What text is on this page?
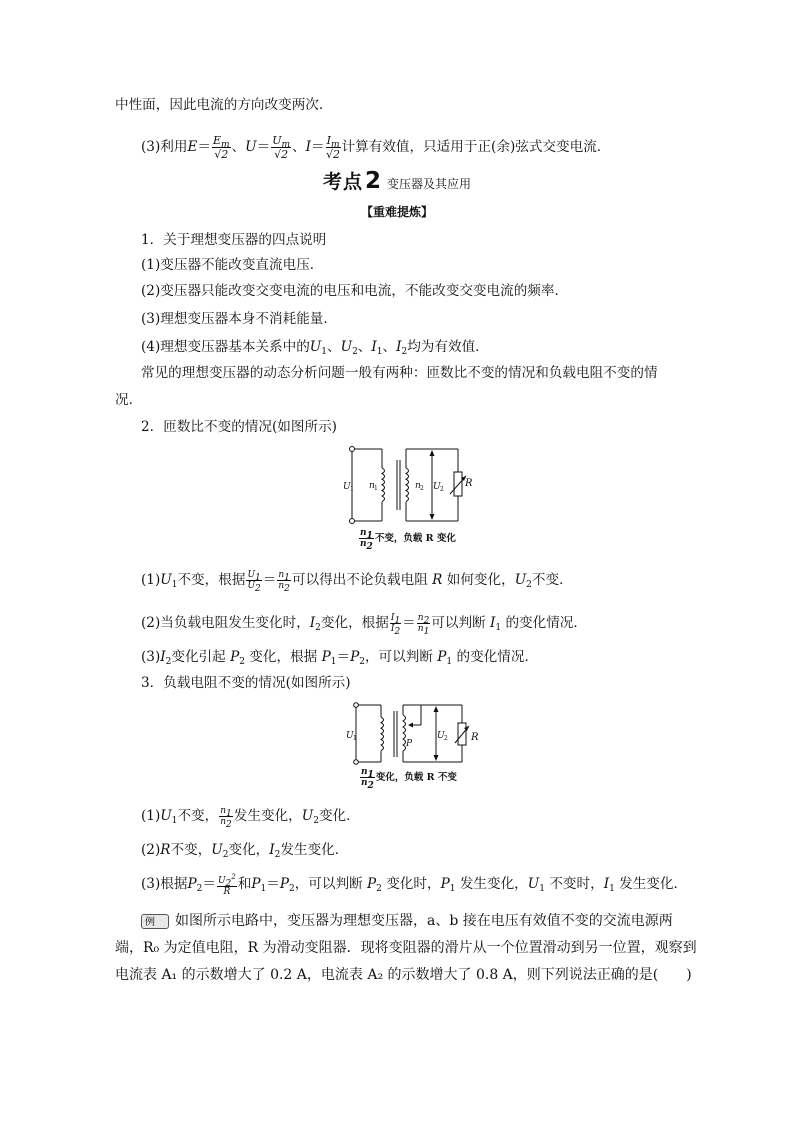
中性面，因此电流的方向改变两次．
(3)利用$E= \frac{E_m}{√2}$ 、$U= \frac{U_m}{√2}$ 、$I= \frac{I_m}{√2}$ 计算有效值，只适用于正(余)弦式交变电流．
考点2 变压器及其应用
【重难提炼】
1．关于理想变压器的四点说明
(1)变压器不能改变直流电压．
(2)变压器只能改变交变电流的电压和电流，不能改变交变电流的频率．
(3)理想变压器本身不消耗能量．
(4)理想变压器基本关系中的$U_1$、$U_2$、$I_1$、$I_2$均为有效值．
常见的理想变压器的动态分析问题一般有两种：匝数比不变的情况和负载电阻不变的情
况．
2．匝数比不变的情况(如图所示)
U 1 n 1	n 2 U 2
R
$\frac{n_1}{n_2}$ 不变，负载 R 变化
$(1)U_1$不变，根据 $\frac{U_1}{U_2} = \frac{n_1}{n_2}$ 可以得出不论负载电阻 R 如何变化，$U_2$不变．
(2)当负载电阻发生变化时，$I_2$变化，根据 $\frac{I_1}{I_2} = \frac{n_2}{n_1}$ 可以判断 $I_1$ 的变化情况．
$(3)I_2$变化引起 $P_2$ 变化，根据 $P_1=P_2$，可以判断 $P_1$ 的变化情况．
3．负载电阻不变的情况(如图所示)
U 1
P
U 2 R
$\frac{n_1}{n_2}$ 变化，负载 R 不变
$(1)U_1$不变， $\frac{n_1}{n_2}$ 发生变化，$U_2$变化．
(2)R不变，$U_2$变化，$I_2$发生变化．
(3)根据$P_2= \frac{U_2^2}{R}$ 和$P_1=P_2$，可以判断 $P_2$ 变化时，$P_1$ 发生变化，$U_1$ 不变时，$I_1$ 发生变化．
例 如图所示电路中，变压器为理想变压器，a、b 接在电压有效值不变的交流电源两
端，R₀ 为定值电阻，R 为滑动变阻器．现将变阻器的滑片从一个位置滑动到另一位置，观察到
电流表 A₁ 的示数增大了 0.2 A，电流表 A₂ 的示数增大了 0.8 A，则下列说法正确的是(　　)
